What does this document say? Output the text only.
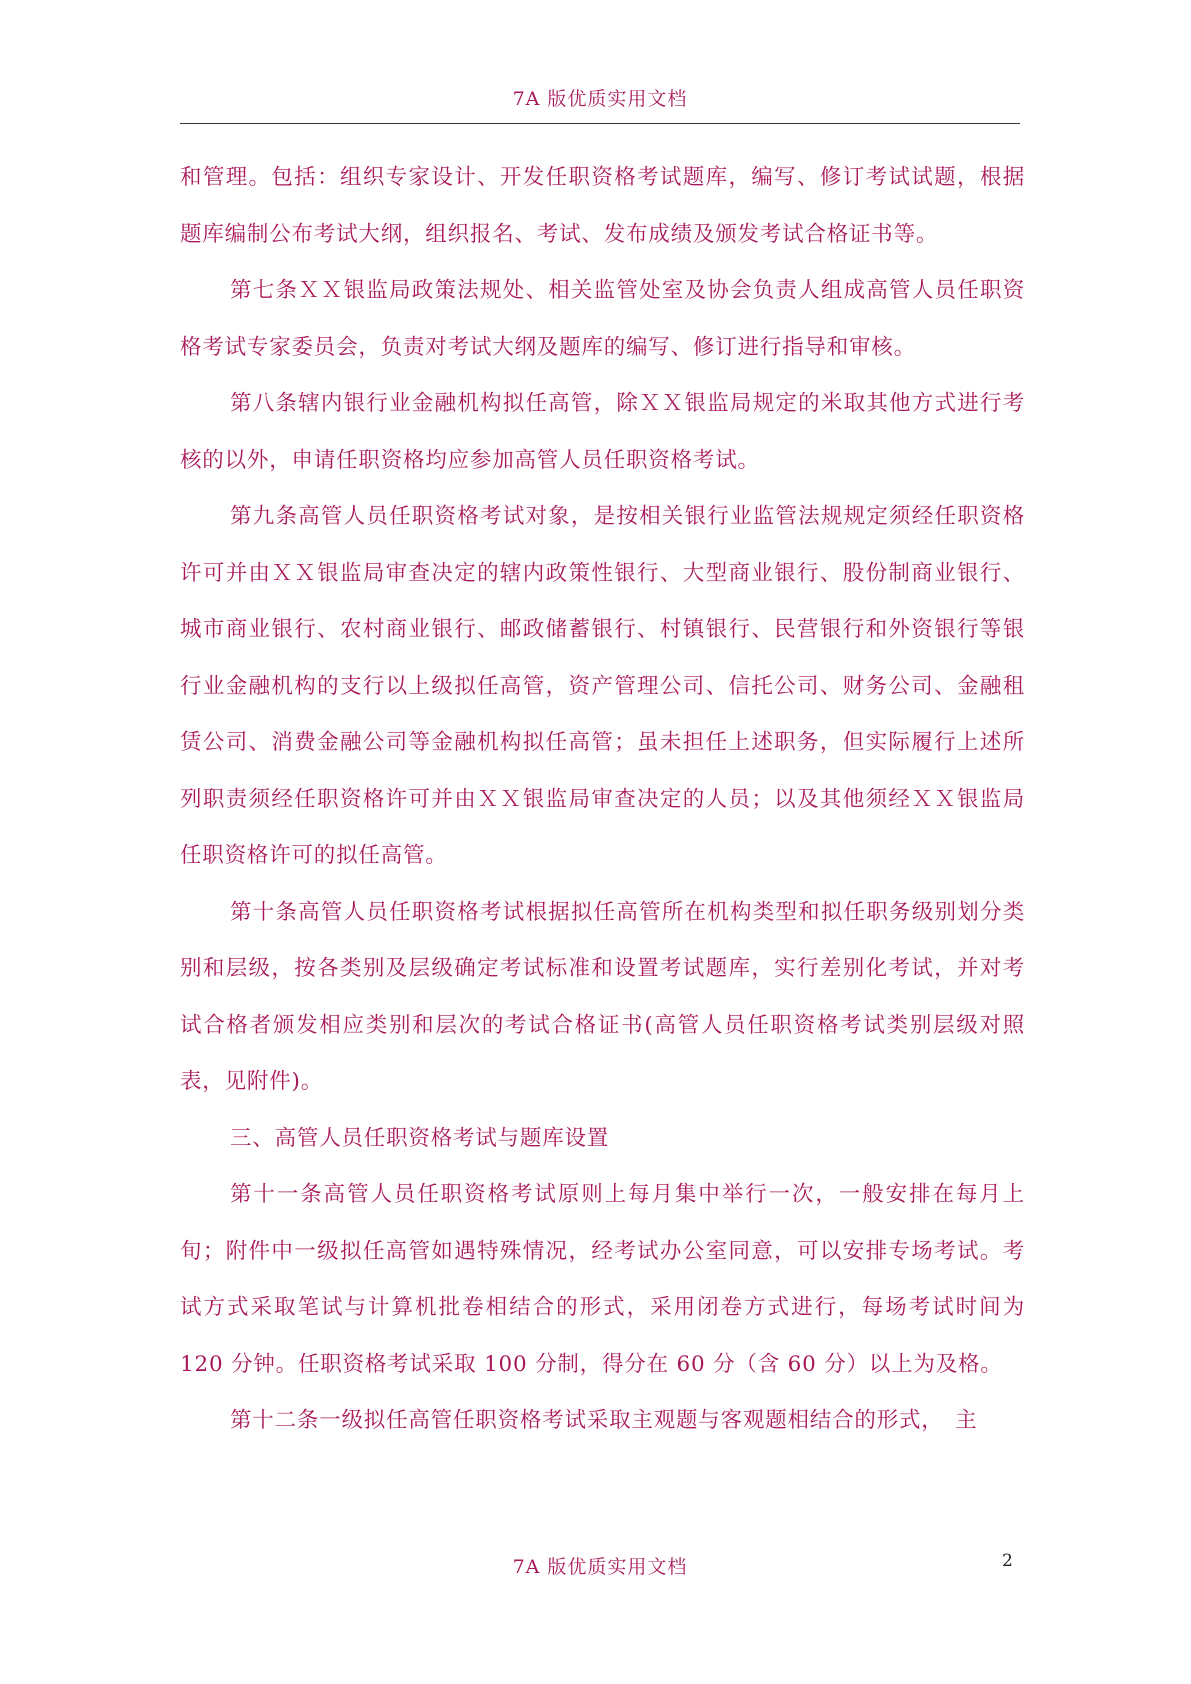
7A 版优质实用文档

和管理。包括：组织专家设计、开发任职资格考试题库，编写、修订考试试题，根据题库编制公布考试大纲，组织报名、考试、发布成绩及颁发考试合格证书等。

第七条ＸＸ银监局政策法规处、相关监管处室及协会负责人组成高管人员任职资格考试专家委员会，负责对考试大纲及题库的编写、修订进行指导和审核。

第八条辖内银行业金融机构拟任高管，除ＸＸ银监局规定的米取其他方式进行考核的以外，申请任职资格均应参加高管人员任职资格考试。

第九条高管人员任职资格考试对象，是按相关银行业监管法规规定须经任职资格许可并由ＸＸ银监局审查决定的辖内政策性银行、大型商业银行、股份制商业银行、城市商业银行、农村商业银行、邮政储蓄银行、村镇银行、民营银行和外资银行等银行业金融机构的支行以上级拟任高管，资产管理公司、信托公司、财务公司、金融租赁公司、消费金融公司等金融机构拟任高管；虽未担任上述职务，但实际履行上述所列职责须经任职资格许可并由ＸＸ银监局审查决定的人员；以及其他须经ＸＸ银监局任职资格许可的拟任高管。

第十条高管人员任职资格考试根据拟任高管所在机构类型和拟任职务级别划分类别和层级，按各类别及层级确定考试标准和设置考试题库，实行差别化考试，并对考试合格者颁发相应类别和层次的考试合格证书(高管人员任职资格考试类别层级对照表，见附件)。

三、高管人员任职资格考试与题库设置

第十一条高管人员任职资格考试原则上每月集中举行一次，一般安排在每月上旬；附件中一级拟任高管如遇特殊情况，经考试办公室同意，可以安排专场考试。考试方式采取笔试与计算机批卷相结合的形式，采用闭卷方式进行，每场考试时间为 120 分钟。任职资格考试采取 100 分制，得分在 60 分（含 60 分）以上为及格。

第十二条一级拟任高管任职资格考试采取主观题与客观题相结合的形式，　主

7A 版优质实用文档	2
